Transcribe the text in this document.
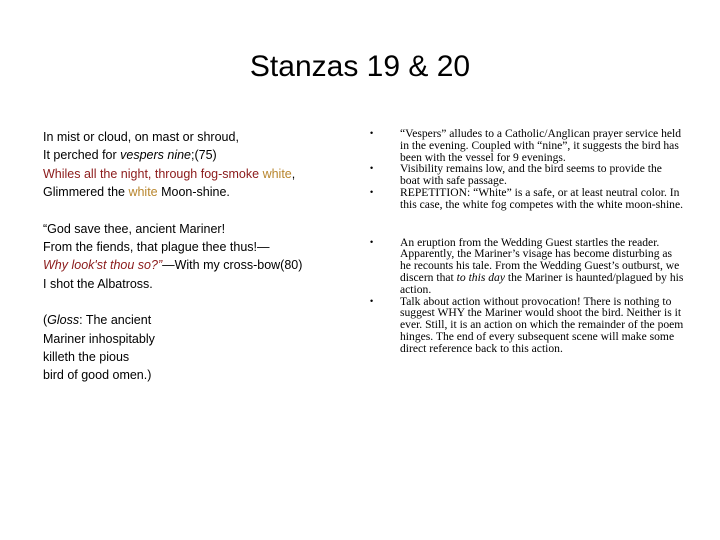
Stanzas 19 & 20
In mist or cloud, on mast or shroud,
It perched for vespers nine;(75)
Whiles all the night, through fog-smoke white,
Glimmered the white Moon-shine.
“God save thee, ancient Mariner!
From the fiends, that plague thee thus!—
Why look'st thou so?”—With my cross-bow(80)
I shot the Albatross.
(Gloss: The ancient
Mariner inhospitably
killeth the pious
bird of good omen.)
• “Vespers” alludes to a Catholic/Anglican prayer service held in the evening. Coupled with “nine”, it suggests the bird has been with the vessel for 9 evenings.
• Visibility remains low, and the bird seems to provide the boat with safe passage.
• REPETITION: “White” is a safe, or at least neutral color. In this case, the white fog competes with the white moon-shine.
• An eruption from the Wedding Guest startles the reader. Apparently, the Mariner’s visage has become disturbing as he recounts his tale. From the Wedding Guest’s outburst, we discern that to this day the Mariner is haunted/plagued by his action.
• Talk about action without provocation! There is nothing to suggest WHY the Mariner would shoot the bird. Neither is it ever. Still, it is an action on which the remainder of the poem hinges. The end of every subsequent scene will make some direct reference back to this action.
